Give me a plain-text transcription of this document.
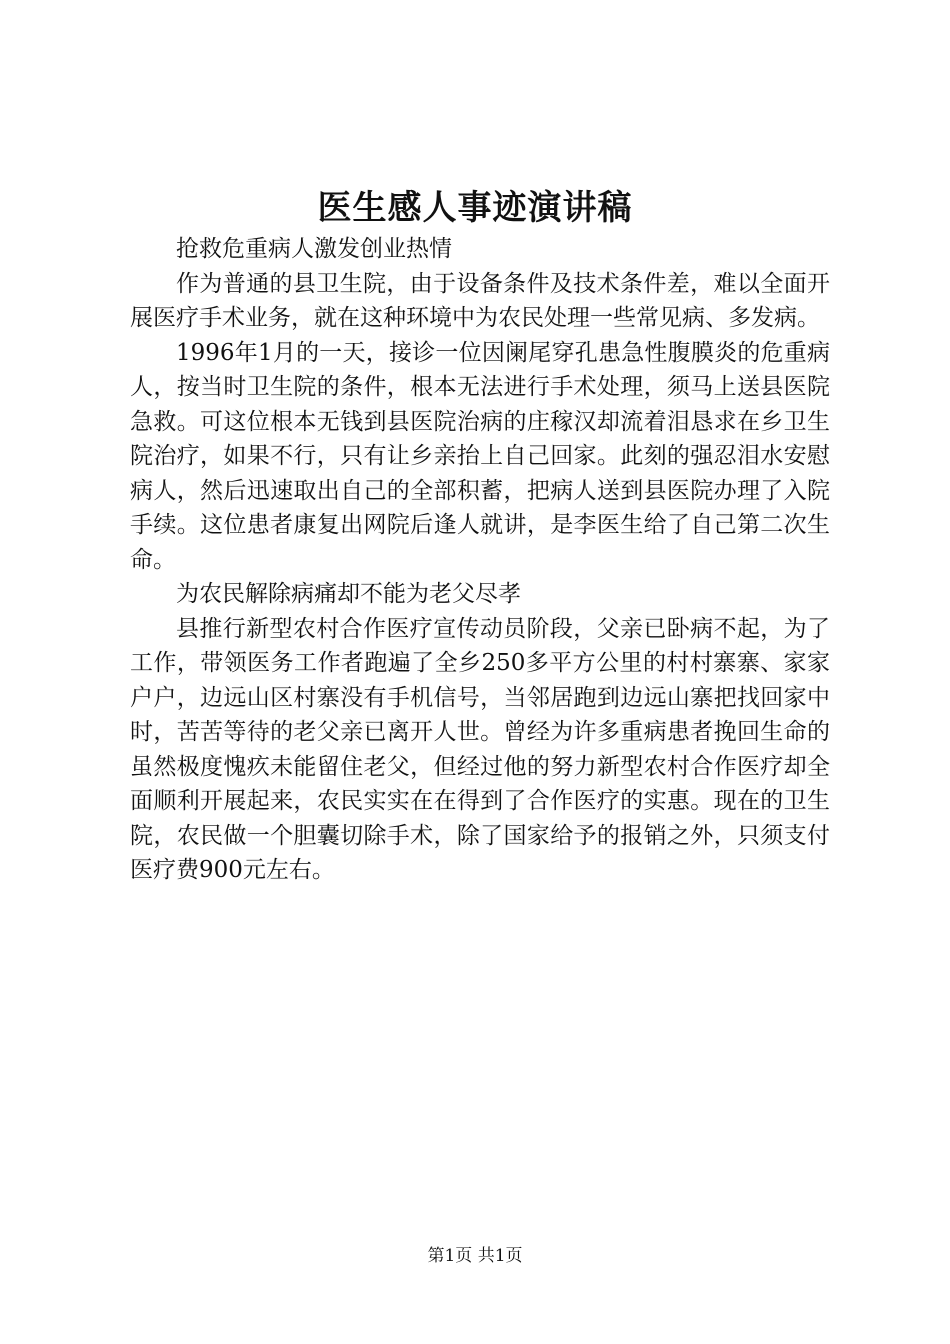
医生感人事迹演讲稿

抢救危重病人激发创业热情

作为普通的县卫生院，由于设备条件及技术条件差，难以全面开展医疗手术业务，就在这种环境中为农民处理一些常见病、多发病。

1996年1月的一天，接诊一位因阑尾穿孔患急性腹膜炎的危重病人，按当时卫生院的条件，根本无法进行手术处理，须马上送县医院急救。可这位根本无钱到县医院治病的庄稼汉却流着泪恳求在乡卫生院治疗，如果不行，只有让乡亲抬上自己回家。此刻的强忍泪水安慰病人，然后迅速取出自己的全部积蓄，把病人送到县医院办理了入院手续。这位患者康复出网院后逢人就讲，是李医生给了自己第二次生命。

为农民解除病痛却不能为老父尽孝

县推行新型农村合作医疗宣传动员阶段，父亲已卧病不起，为了工作，带领医务工作者跑遍了全乡250多平方公里的村村寨寨、家家户户，边远山区村寨没有手机信号，当邻居跑到边远山寨把找回家中时，苦苦等待的老父亲已离开人世。曾经为许多重病患者挽回生命的虽然极度愧疚未能留住老父，但经过他的努力新型农村合作医疗却全面顺利开展起来，农民实实在在得到了合作医疗的实惠。现在的卫生院，农民做一个胆囊切除手术，除了国家给予的报销之外，只须支付医疗费900元左右。

第1页 共1页
